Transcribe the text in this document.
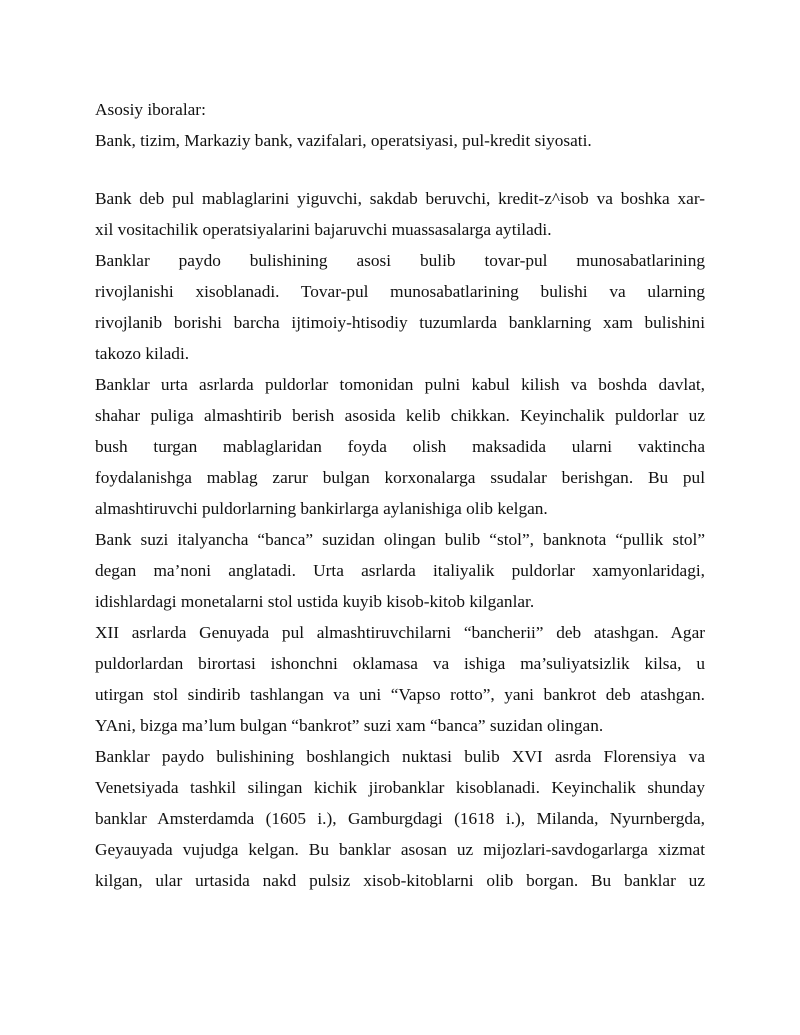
Asosiy iboralar:
Bank, tizim, Markaziy bank, vazifalari, operatsiyasi, pul-kredit siyosati.
Bank deb pul mablaglarini yiguvchi, sakdab beruvchi, kredit-z^isob va boshka xar-
xil vositachilik operatsiyalarini bajaruvchi muassasalarga aytiladi.
Banklar paydo bulishining asosi bulib tovar-pul munosabatlarining
rivojlanishi xisoblanadi. Tovar-pul munosabatlarining bulishi va ularning
rivojlanib borishi barcha ijtimoiy-htisodiy tuzumlarda banklarning xam bulishini
takozo kiladi.
Banklar urta asrlarda puldorlar tomonidan pulni kabul kilish va boshda davlat,
shahar puliga almashtirib berish asosida kelib chikkan. Keyinchalik puldorlar uz
bush turgan mablaglaridan foyda olish maksadida ularni vaktincha
foydalanishga mablag zarur bulgan korxonalarga ssudalar berishgan. Bu pul
almashtiruvchi puldorlarning bankirlarga aylanishiga olib kelgan.
Bank suzi italyancha “banca” suzidan olingan bulib “stol”, banknota “pullik stol”
degan ma’noni anglatadi. Urta asrlarda italiyalik puldorlar xamyonlaridagi,
idishlardagi monetalarni stol ustida kuyib kisob-kitob kilganlar.
XII asrlarda Genuyada pul almashtiruvchilarni “bancherii” deb atashgan. Agar
puldorlardan birortasi ishonchni oklamasa va ishiga ma’suliyatsizlik kilsa, u
utirgan stol sindirib tashlangan va uni “Vapso rotto”, yani bankrot deb atashgan.
YAni, bizga ma’lum bulgan “bankrot” suzi xam “banca” suzidan olingan.
Banklar paydo bulishining boshlangich nuktasi bulib XVI asrda Florensiya va
Venetsiyada tashkil silingan kichik jirobanklar kisoblanadi. Keyinchalik shunday
banklar Amsterdamda (1605 i.), Gamburgdagi (1618 i.), Milanda, Nyurnbergda,
Geyauyada vujudga kelgan. Bu banklar asosan uz mijozlari-savdogarlarga xizmat
kilgan, ular urtasida nakd pulsiz xisob-kitoblarni olib borgan. Bu banklar uz
